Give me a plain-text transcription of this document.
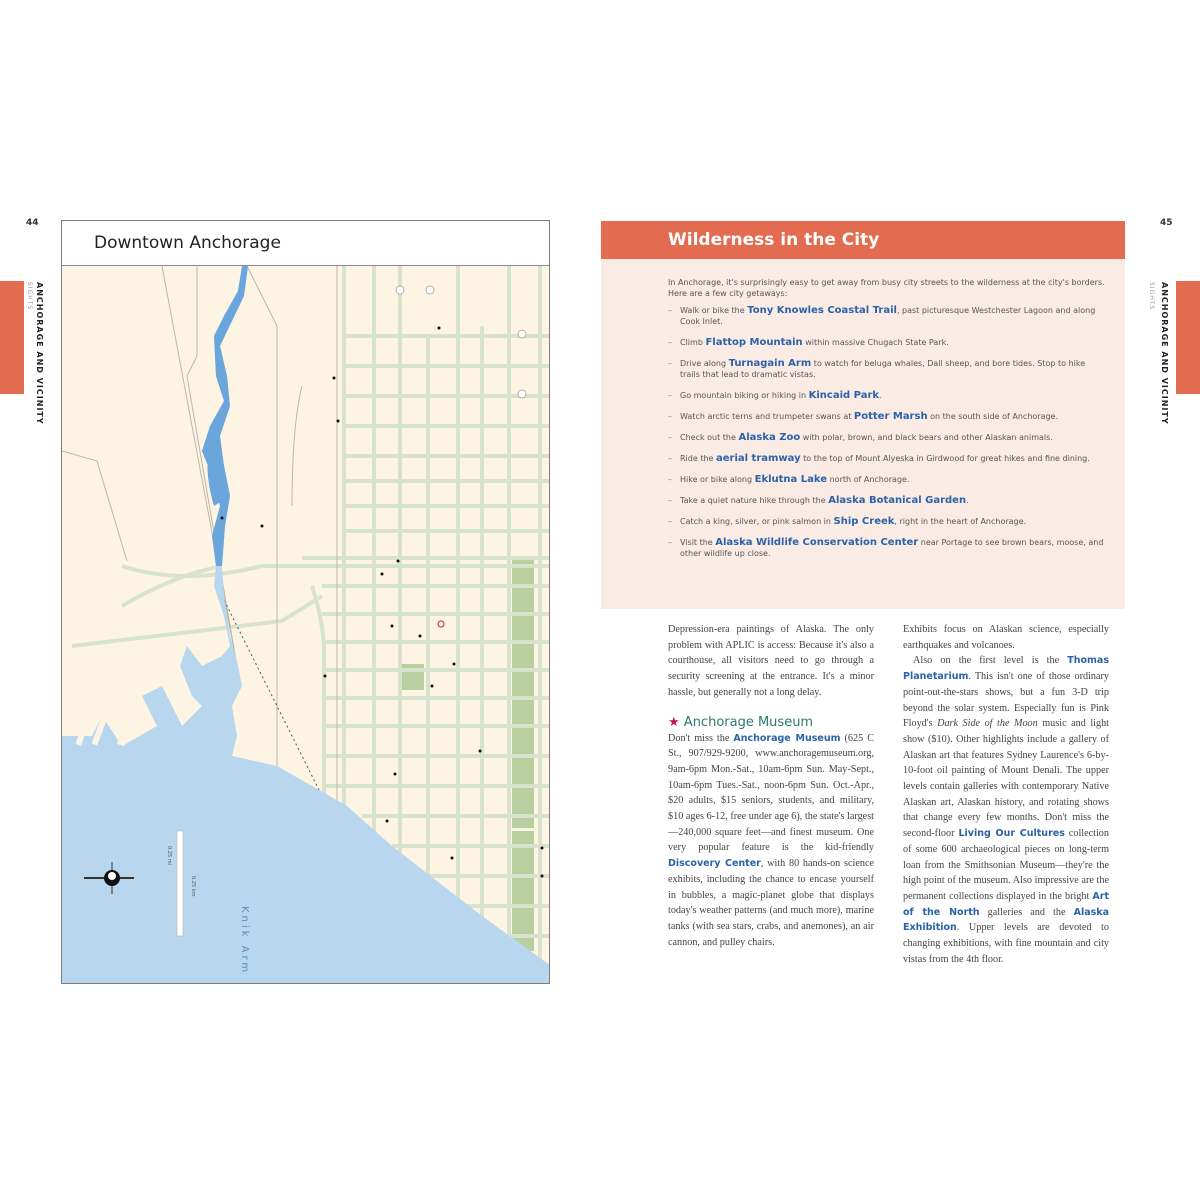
44
ANCHORAGE AND VICINITY
SIGHTS
Downtown Anchorage
0.25 mi
0.25 km
Knik Arm
45
ANCHORAGE AND VICINITY
SIGHTS
Wilderness in the City

In Anchorage, it's surprisingly easy to get away from busy city streets to the wilderness at the city's borders. Here are a few city getaways:

– Walk or bike the Tony Knowles Coastal Trail, past picturesque Westchester Lagoon and along Cook Inlet.
– Climb Flattop Mountain within massive Chugach State Park.
– Drive along Turnagain Arm to watch for beluga whales, Dall sheep, and bore tides. Stop to hike trails that lead to dramatic vistas.
– Go mountain biking or hiking in Kincaid Park.
– Watch arctic terns and trumpeter swans at Potter Marsh on the south side of Anchorage.
– Check out the Alaska Zoo with polar, brown, and black bears and other Alaskan animals.
– Ride the aerial tramway to the top of Mount Alyeska in Girdwood for great hikes and fine dining.
– Hike or bike along Eklutna Lake north of Anchorage.
– Take a quiet nature hike through the Alaska Botanical Garden.
– Catch a king, silver, or pink salmon in Ship Creek, right in the heart of Anchorage.
– Visit the Alaska Wildlife Conservation Center near Portage to see brown bears, moose, and other wildlife up close.

Depression-era paintings of Alaska. The only problem with APLIC is access: Because it's also a courthouse, all visitors need to go through a security screening at the entrance. It's a minor hassle, but generally not a long delay.

★ Anchorage Museum

Don't miss the Anchorage Museum (625 C St., 907/929-9200, www.anchoragemuseum.org, 9am-6pm Mon.-Sat., 10am-6pm Sun. May-Sept., 10am-6pm Tues.-Sat., noon-6pm Sun. Oct.-Apr., $20 adults, $15 seniors, students, and military, $10 ages 6-12, free under age 6), the state's largest—240,000 square feet—and finest museum. One very popular feature is the kid-friendly Discovery Center, with 80 hands-on science exhibits, including the chance to encase yourself in bubbles, a magic-planet globe that displays today's weather patterns (and much more), marine tanks (with sea stars, crabs, and anemones), an air cannon, and pulley chairs.

Exhibits focus on Alaskan science, especially earthquakes and volcanoes.

Also on the first level is the Thomas Planetarium. This isn't one of those ordinary point-out-the-stars shows, but a fun 3-D trip beyond the solar system. Especially fun is Pink Floyd's Dark Side of the Moon music and light show ($10). Other highlights include a gallery of Alaskan art that features Sydney Laurence's 6-by-10-foot oil painting of Mount Denali. The upper levels contain galleries with contemporary Native Alaskan art, Alaskan history, and rotating shows that change every few months. Don't miss the second-floor Living Our Cultures collection of some 600 archaeological pieces on long-term loan from the Smithsonian Museum—they're the high point of the museum. Also impressive are the permanent collections displayed in the bright Art of the North galleries and the Alaska Exhibition. Upper levels are devoted to changing exhibitions, with fine mountain and city vistas from the 4th floor.
